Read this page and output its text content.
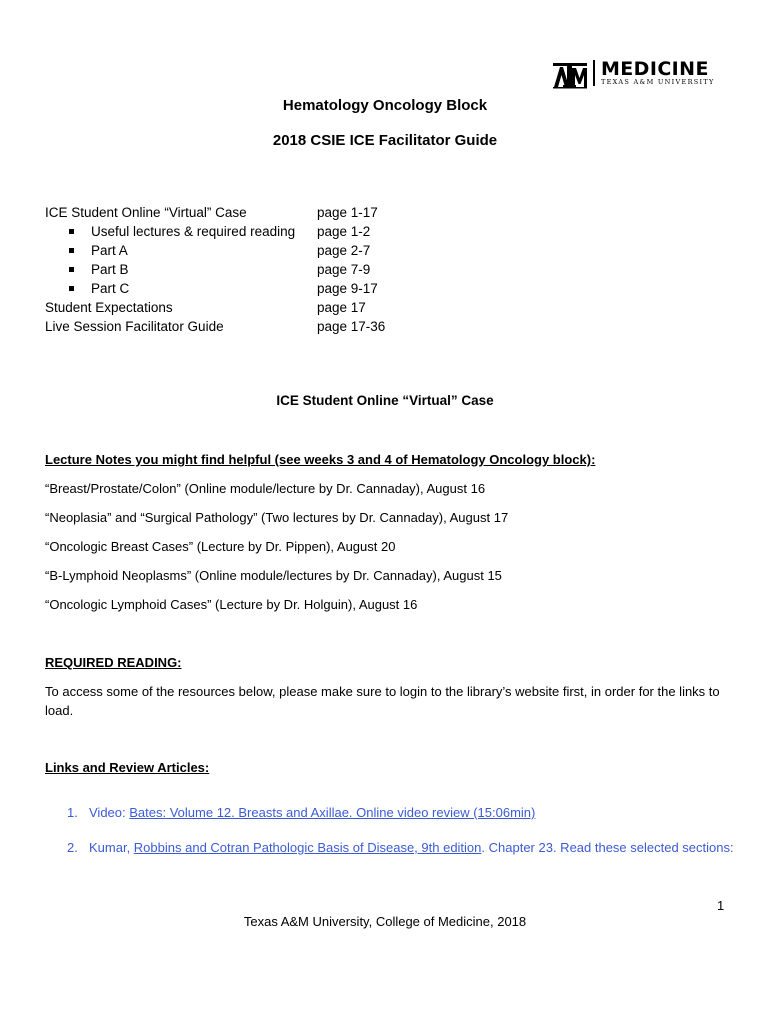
MEDICINE
TEXAS A&M UNIVERSITY
Hematology Oncology Block
2018 CSIE ICE Facilitator Guide
ICE Student Online “Virtual” Case	page 1-17
Useful lectures & required reading page 1-2
Part A	page 2-7
Part B	page 7-9
Part C	page 9-17
Student Expectations	page 17
Live Session Facilitator Guide	page 17-36
ICE Student Online “Virtual” Case
Lecture Notes you might find helpful (see weeks 3 and 4 of Hematology Oncology block):
“Breast/Prostate/Colon” (Online module/lecture by Dr. Cannaday), August 16
“Neoplasia” and “Surgical Pathology” (Two lectures by Dr. Cannaday), August 17
“Oncologic Breast Cases” (Lecture by Dr. Pippen), August 20
“B-Lymphoid Neoplasms” (Online module/lectures by Dr. Cannaday), August 15
“Oncologic Lymphoid Cases” (Lecture by Dr. Holguin), August 16
REQUIRED READING:
To access some of the resources below, please make sure to login to the library’s website first, in order for the links to load.
Links and Review Articles:
1. Video: Bates: Volume 12. Breasts and Axillae. Online video review (15:06min)
2. Kumar, Robbins and Cotran Pathologic Basis of Disease, 9th edition. Chapter 23. Read these selected sections:
1
Texas A&M University, College of Medicine, 2018
